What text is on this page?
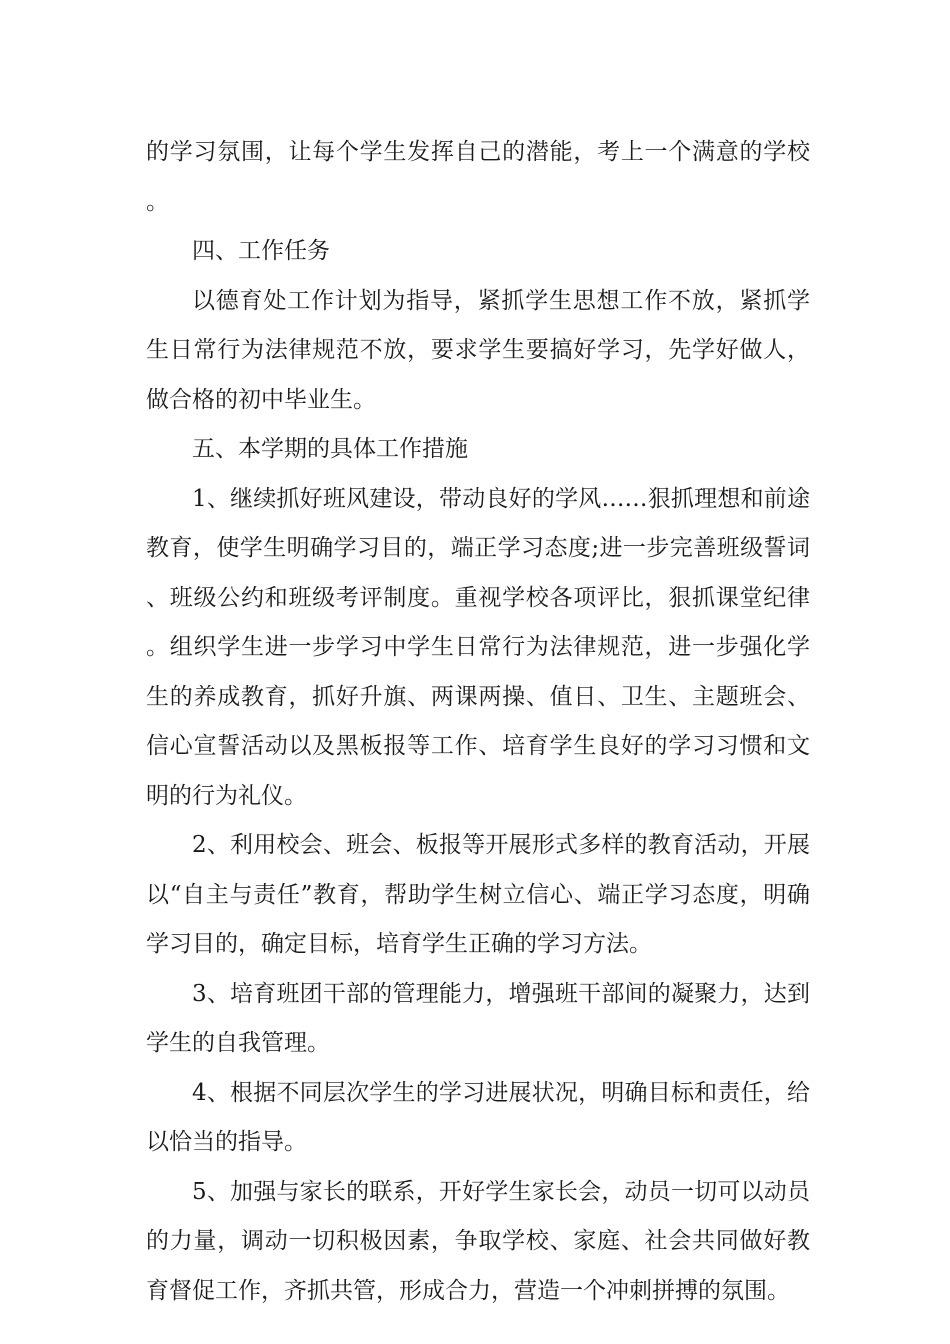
的学习氛围，让每个学生发挥自己的潜能，考上一个满意的学校。

四、工作任务

以德育处工作计划为指导，紧抓学生思想工作不放，紧抓学生日常行为法律规范不放，要求学生要搞好学习，先学好做人，做合格的初中毕业生。

五、本学期的具体工作措施

1、继续抓好班风建设，带动良好的学风……狠抓理想和前途教育，使学生明确学习目的，端正学习态度;进一步完善班级誓词、班级公约和班级考评制度。重视学校各项评比，狠抓课堂纪律。组织学生进一步学习中学生日常行为法律规范，进一步强化学生的养成教育，抓好升旗、两课两操、值日、卫生、主题班会、信心宣誓活动以及黑板报等工作、培育学生良好的学习习惯和文明的行为礼仪。

2、利用校会、班会、板报等开展形式多样的教育活动，开展以“自主与责任”教育，帮助学生树立信心、端正学习态度，明确学习目的，确定目标，培育学生正确的学习方法。

3、培育班团干部的管理能力，增强班干部间的凝聚力，达到学生的自我管理。

4、根据不同层次学生的学习进展状况，明确目标和责任，给以恰当的指导。

5、加强与家长的联系，开好学生家长会，动员一切可以动员的力量，调动一切积极因素，争取学校、家庭、社会共同做好教育督促工作，齐抓共管，形成合力，营造一个冲刺拼搏的氛围。
